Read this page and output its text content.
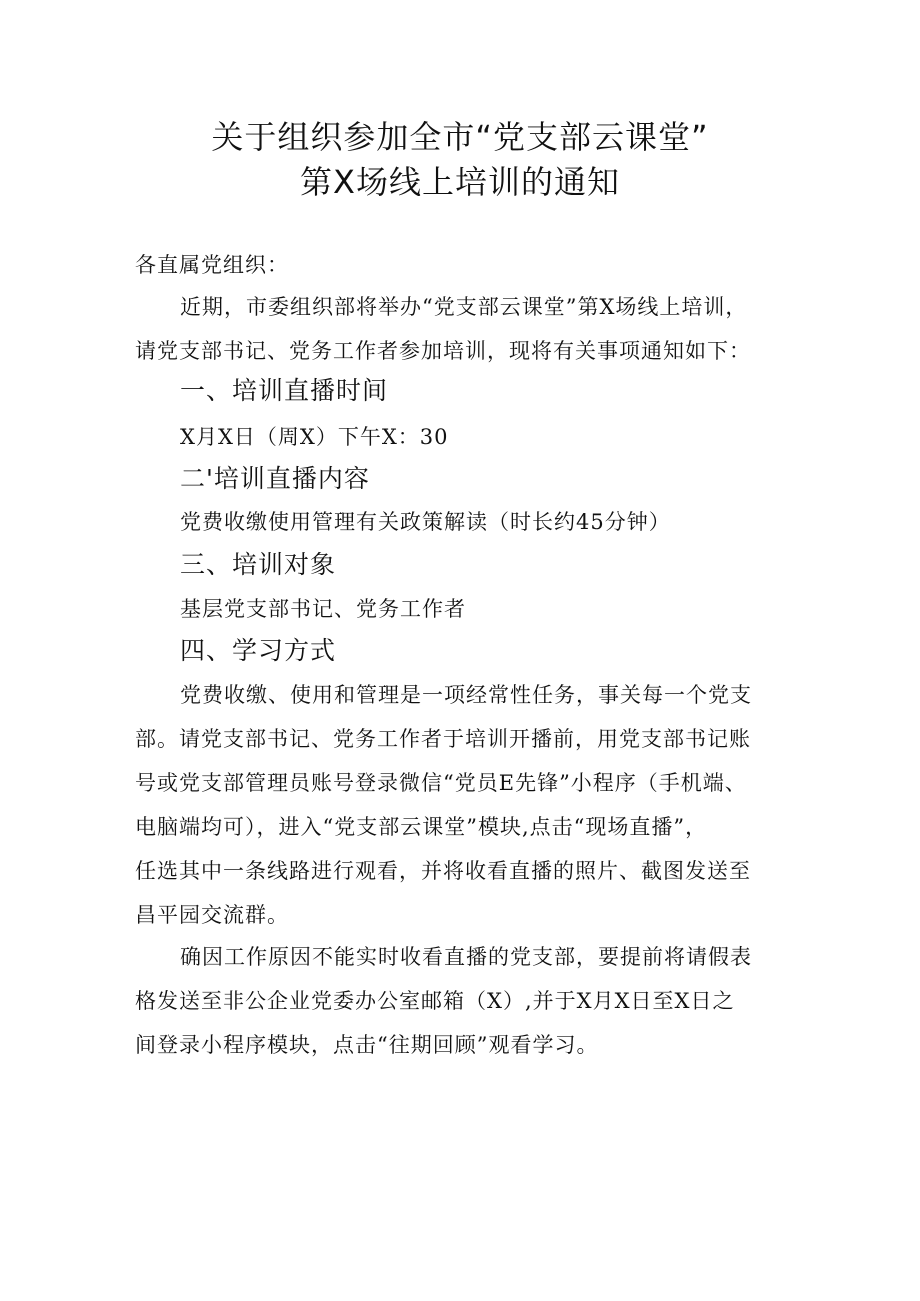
关于组织参加全市“党支部云课堂”
第X场线上培训的通知
各直属党组织：
近期，市委组织部将举办“党支部云课堂”第X场线上培训，
请党支部书记、党务工作者参加培训，现将有关事项通知如下：
一、培训直播时间
X月X日（周X）下午X：30
二'培训直播内容
党费收缴使用管理有关政策解读（时长约45分钟）
三、培训对象
基层党支部书记、党务工作者
四、学习方式
党费收缴、使用和管理是一项经常性任务，事关每一个党支
部。请党支部书记、党务工作者于培训开播前，用党支部书记账
号或党支部管理员账号登录微信“党员E先锋”小程序（手机端、
电脑端均可），进入“党支部云课堂”模块,点击“现场直播”，
任选其中一条线路进行观看，并将收看直播的照片、截图发送至
昌平园交流群。
确因工作原因不能实时收看直播的党支部，要提前将请假表
格发送至非公企业党委办公室邮箱（X）,并于X月X日至X日之
间登录小程序模块，点击“往期回顾”观看学习。
